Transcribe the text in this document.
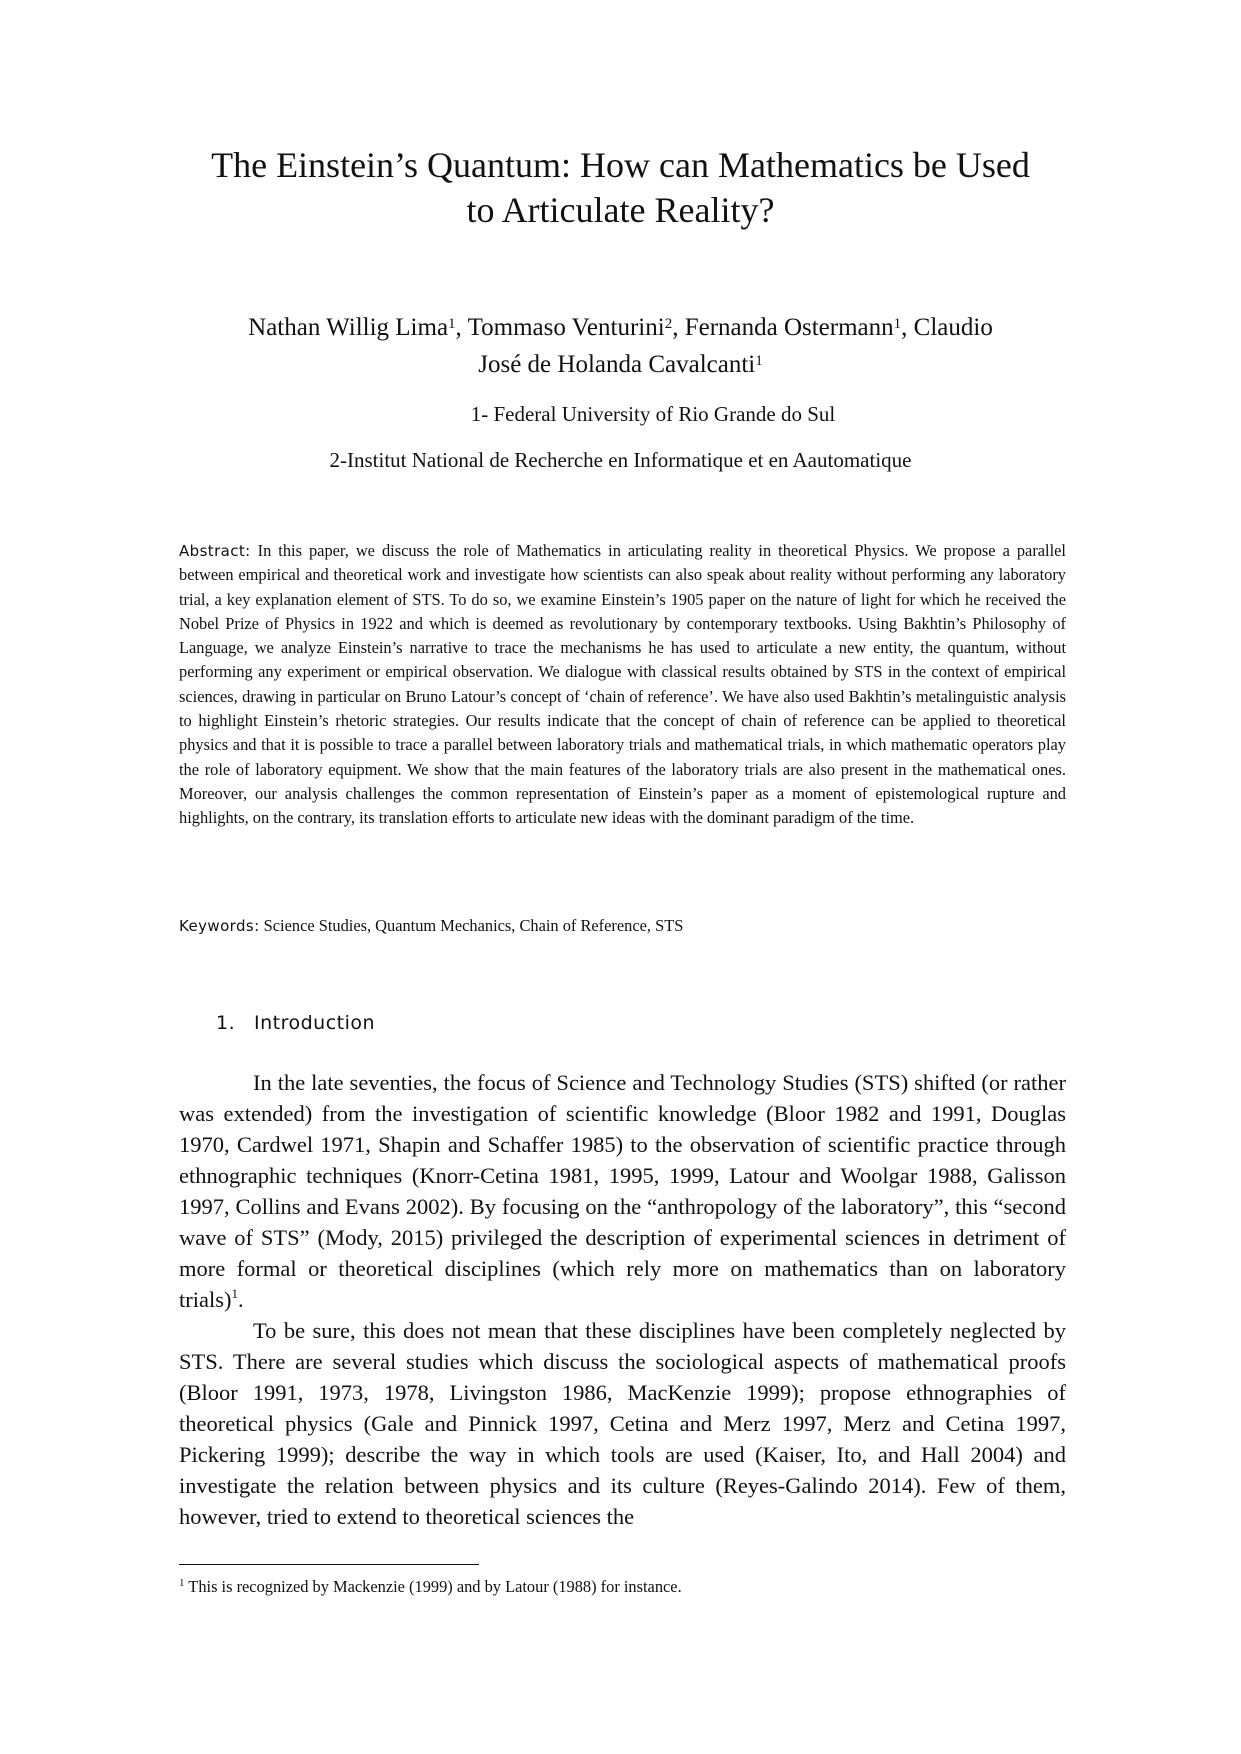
The Einstein’s Quantum: How can Mathematics be Used
to Articulate Reality?
Nathan Willig Lima$^1$, Tommaso Venturini$^2$, Fernanda Ostermann$^1$, Claudio
José de Holanda Cavalcanti$^1$
1- Federal University of Rio Grande do Sul
2-Institut National de Recherche en Informatique et en Aautomatique
Abstract: In this paper, we discuss the role of Mathematics in articulating reality in theoretical Physics. We propose a parallel between empirical and theoretical work and investigate how scientists can also speak about reality without performing any laboratory trial, a key explanation element of STS. To do so, we examine Einstein’s 1905 paper on the nature of light for which he received the Nobel Prize of Physics in 1922 and which is deemed as revolutionary by contemporary textbooks. Using Bakhtin’s Philosophy of Language, we analyze Einstein’s narrative to trace the mechanisms he has used to articulate a new entity, the quantum, without performing any experiment or empirical observation. We dialogue with classical results obtained by STS in the context of empirical sciences, drawing in particular on Bruno Latour’s concept of ‘chain of reference’. We have also used Bakhtin’s metalinguistic analysis to highlight Einstein’s rhetoric strategies. Our results indicate that the concept of chain of reference can be applied to theoretical physics and that it is possible to trace a parallel between laboratory trials and mathematical trials, in which mathematic operators play the role of laboratory equipment. We show that the main features of the laboratory trials are also present in the mathematical ones. Moreover, our analysis challenges the common representation of Einstein’s paper as a moment of epistemological rupture and highlights, on the contrary, its translation efforts to articulate new ideas with the dominant paradigm of the time.
Keywords: Science Studies, Quantum Mechanics, Chain of Reference, STS
1. Introduction

In the late seventies, the focus of Science and Technology Studies (STS) shifted (or rather was extended) from the investigation of scientific knowledge (Bloor 1982 and 1991, Douglas 1970, Cardwel 1971, Shapin and Schaffer 1985) to the observation of scientific practice through ethnographic techniques (Knorr-Cetina 1981, 1995, 1999, Latour and Woolgar 1988, Galisson 1997, Collins and Evans 2002). By focusing on the “anthropology of the laboratory”, this “second wave of STS” (Mody, 2015) privileged the description of experimental sciences in detriment of more formal or theoretical disciplines (which rely more on mathematics than on laboratory trials)$^1$.

To be sure, this does not mean that these disciplines have been completely neglected by STS. There are several studies which discuss the sociological aspects of mathematical proofs (Bloor 1991, 1973, 1978, Livingston 1986, MacKenzie 1999); propose ethnographies of theoretical physics (Gale and Pinnick 1997, Cetina and Merz 1997, Merz and Cetina 1997, Pickering 1999); describe the way in which tools are used (Kaiser, Ito, and Hall 2004) and investigate the relation between physics and its culture (Reyes-Galindo 2014). Few of them, however, tried to extend to theoretical sciences the

$^1$ This is recognized by Mackenzie (1999) and by Latour (1988) for instance.
